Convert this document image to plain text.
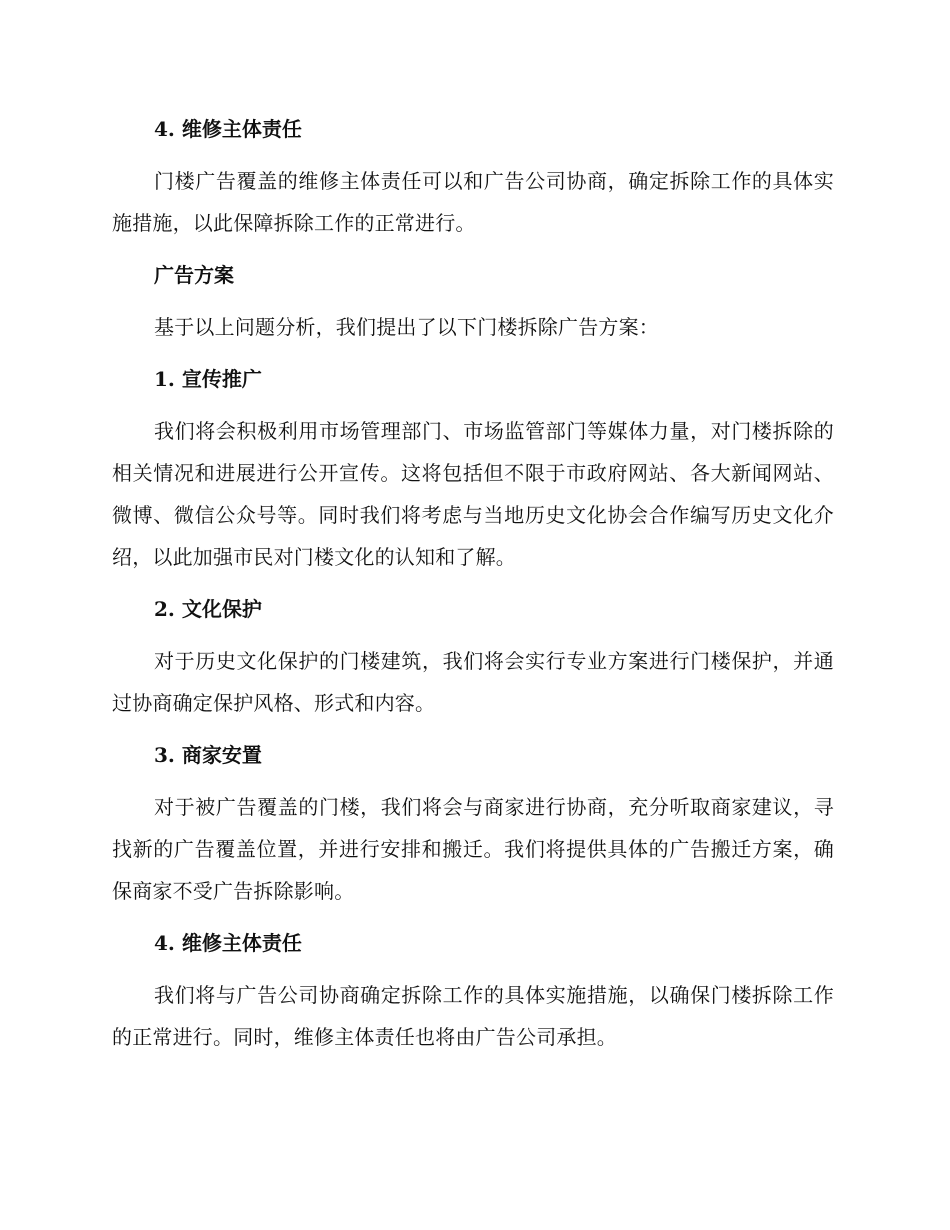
4. 维修主体责任

门楼广告覆盖的维修主体责任可以和广告公司协商，确定拆除工作的具体实施措施，以此保障拆除工作的正常进行。

广告方案

基于以上问题分析，我们提出了以下门楼拆除广告方案：

1. 宣传推广

我们将会积极利用市场管理部门、市场监管部门等媒体力量，对门楼拆除的相关情况和进展进行公开宣传。这将包括但不限于市政府网站、各大新闻网站、微博、微信公众号等。同时我们将考虑与当地历史文化协会合作编写历史文化介绍，以此加强市民对门楼文化的认知和了解。

2. 文化保护

对于历史文化保护的门楼建筑，我们将会实行专业方案进行门楼保护，并通过协商确定保护风格、形式和内容。

3. 商家安置

对于被广告覆盖的门楼，我们将会与商家进行协商，充分听取商家建议，寻找新的广告覆盖位置，并进行安排和搬迁。我们将提供具体的广告搬迁方案，确保商家不受广告拆除影响。

4. 维修主体责任

我们将与广告公司协商确定拆除工作的具体实施措施，以确保门楼拆除工作的正常进行。同时，维修主体责任也将由广告公司承担。
